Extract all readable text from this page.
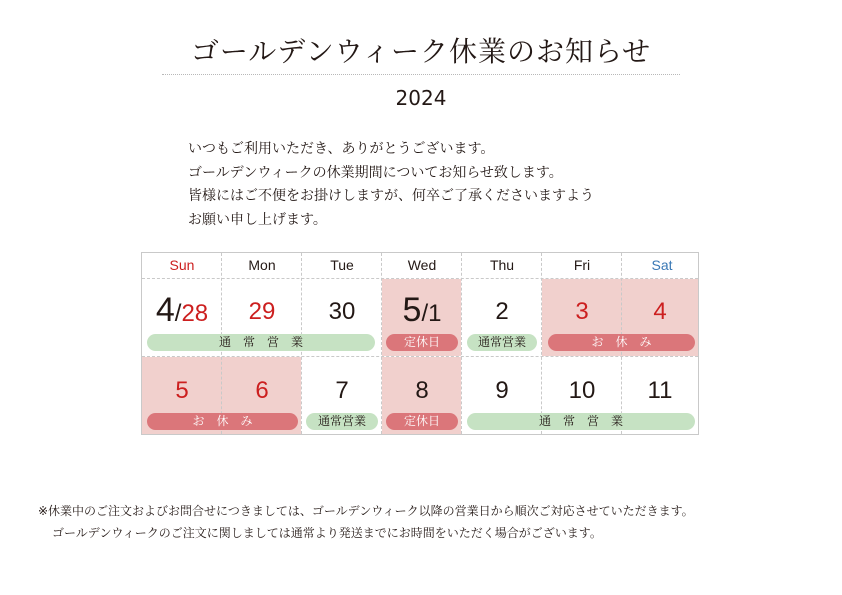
ゴールデンウィーク休業のお知らせ
2024
いつもご利用いただき、ありがとうございます。
ゴールデンウィークの休業期間についてお知らせ致します。
皆様にはご不便をお掛けしますが、何卒ご了承くださいますよう
お願い申し上げます。
Sun	Mon	Tue	Wed	Thu	Fri	Sat
4/28	29	30	5/1	2	3	4
通　常　営　業	定休日	通常営業	お　休　み
5	6	7	8	9	10	11
お　休　み	通常営業	定休日	通　常　営　業
※休業中のご注文およびお問合せにつきましては、ゴールデンウィーク以降の営業日から順次ご対応させていただきます。
ゴールデンウィークのご注文に関しましては通常より発送までにお時間をいただく場合がございます。
